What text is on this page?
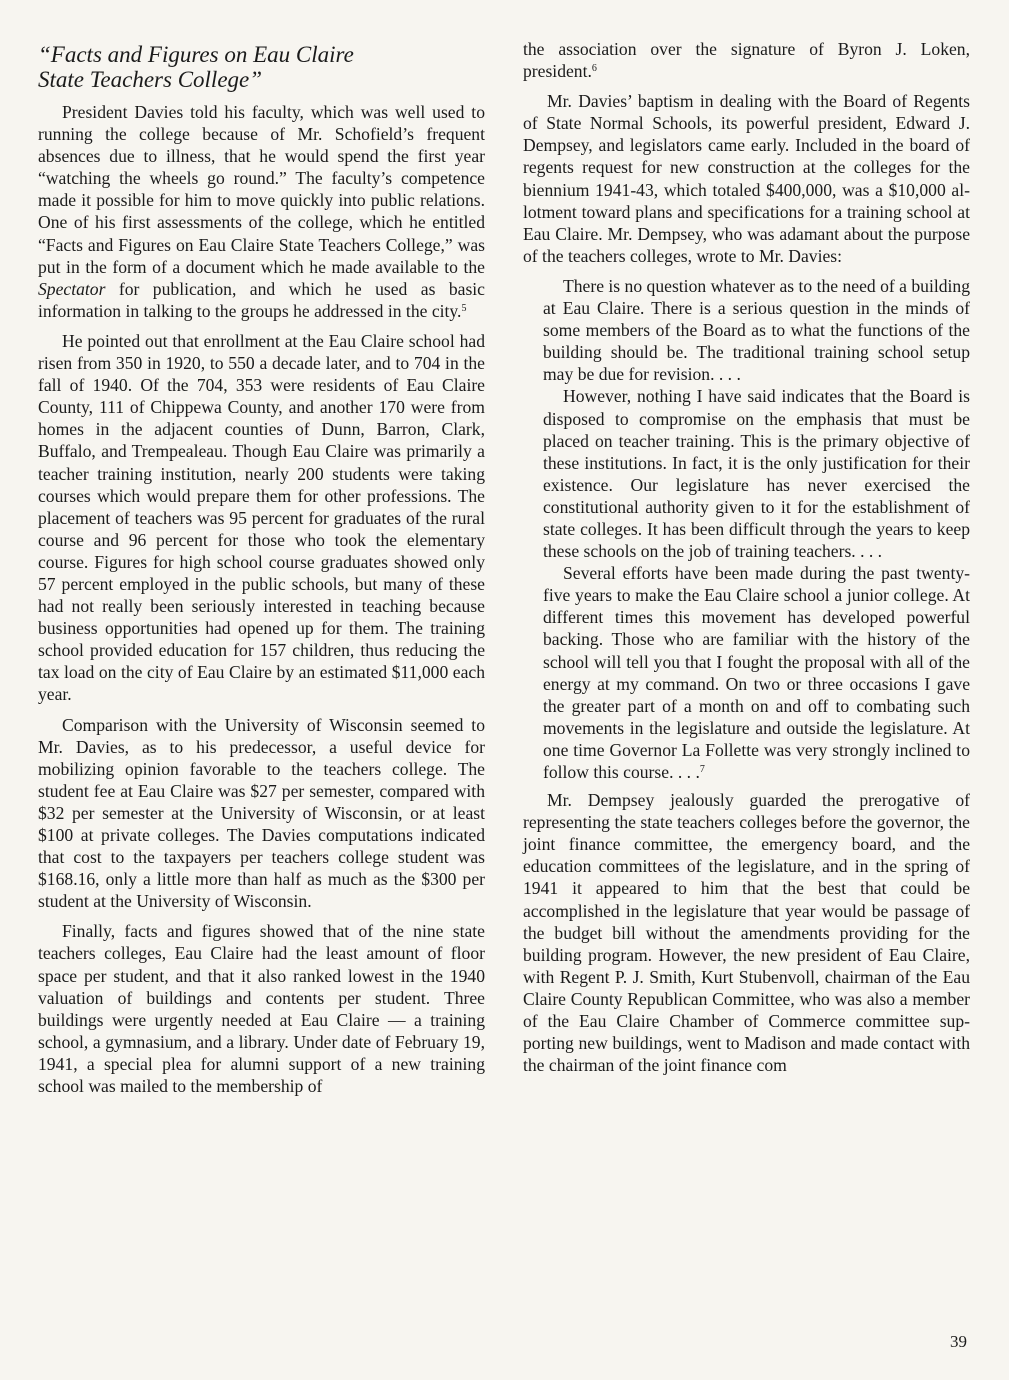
“Facts and Figures on Eau Claire
State Teachers College”

President Davies told his faculty, which was well used to running the college because of Mr. Schofield’s frequent absences due to illness, that he would spend the first year “watching the wheels go round.” The faculty’s competence made it possible for him to move quickly into public relations. One of his first assessments of the college, which he entitled “Facts and Figures on Eau Claire State Teachers College,” was put in the form of a document which he made available to the Spectator for publication, and which he used as basic information in talking to the groups he addressed in the city.$^5$

He pointed out that enrollment at the Eau Claire school had risen from 350 in 1920, to 550 a decade later, and to 704 in the fall of 1940. Of the 704, 353 were residents of Eau Claire County, 111 of Chippewa County, and another 170 were from homes in the adjacent counties of Dunn, Barron, Clark, Buffalo, and Trempealeau. Though Eau Claire was primarily a teacher training institution, nearly 200 students were taking courses which would prepare them for other professions. The placement of teachers was 95 percent for graduates of the rural course and 96 percent for those who took the elementary course. Figures for high school course graduates showed only 57 percent employed in the public schools, but many of these had not really been seriously interested in teaching because business opportunities had opened up for them. The training school provided education for 157 children, thus reducing the tax load on the city of Eau Claire by an estimated $11,000 each year.

Comparison with the University of Wisconsin seemed to Mr. Davies, as to his predecessor, a useful device for mobilizing opinion favorable to the teachers college. The student fee at Eau Claire was $27 per semester, compared with $32 per semester at the University of Wisconsin, or at least $100 at private colleges. The Davies computations indicated that cost to the taxpayers per teachers college student was $168.16, only a little more than half as much as the $300 per student at the University of Wisconsin.

Finally, facts and figures showed that of the nine state teachers colleges, Eau Claire had the least amount of floor space per student, and that it also ranked lowest in the 1940 valuation of buildings and contents per student. Three buildings were urgently needed at Eau Claire — a training school, a gymnasium, and a library. Under date of February 19, 1941, a special plea for alumni support of a new training school was mailed to the membership of

the association over the signature of Byron J. Loken, president.$^6$

Mr. Davies’ baptism in dealing with the Board of Regents of State Normal Schools, its powerful president, Edward J. Dempsey, and legislators came early. Included in the board of regents request for new construction at the colleges for the biennium 1941-43, which totaled $400,000, was a $10,000 allotment toward plans and specifications for a training school at Eau Claire. Mr. Dempsey, who was adamant about the purpose of the teachers colleges, wrote to Mr. Davies:

There is no question whatever as to the need of a building at Eau Claire. There is a serious question in the minds of some members of the Board as to what the functions of the building should be. The traditional training school setup may be due for revision. . . .

However, nothing I have said indicates that the Board is disposed to compromise on the emphasis that must be placed on teacher training. This is the primary objective of these institutions. In fact, it is the only justification for their existence. Our legislature has never exercised the constitutional authority given to it for the establishment of state colleges. It has been difficult through the years to keep these schools on the job of training teachers. . . .

Several efforts have been made during the past twenty-five years to make the Eau Claire school a junior college. At different times this movement has developed powerful backing. Those who are familiar with the history of the school will tell you that I fought the proposal with all of the energy at my command. On two or three occasions I gave the greater part of a month on and off to combating such movements in the legislature and outside the legislature. At one time Governor La Follette was very strongly inclined to follow this course. . . .$^7$

Mr. Dempsey jealously guarded the prerogative of representing the state teachers colleges before the governor, the joint finance committee, the emergency board, and the education committees of the legislature, and in the spring of 1941 it appeared to him that the best that could be accomplished in the legislature that year would be passage of the budget bill without the amendments providing for the building program. However, the new president of Eau Claire, with Regent P. J. Smith, Kurt Stubenvoll, chairman of the Eau Claire County Republican Committee, who was also a member of the Eau Claire Chamber of Commerce committee supporting new buildings, went to Madison and made contact with the chairman of the joint finance com

39
